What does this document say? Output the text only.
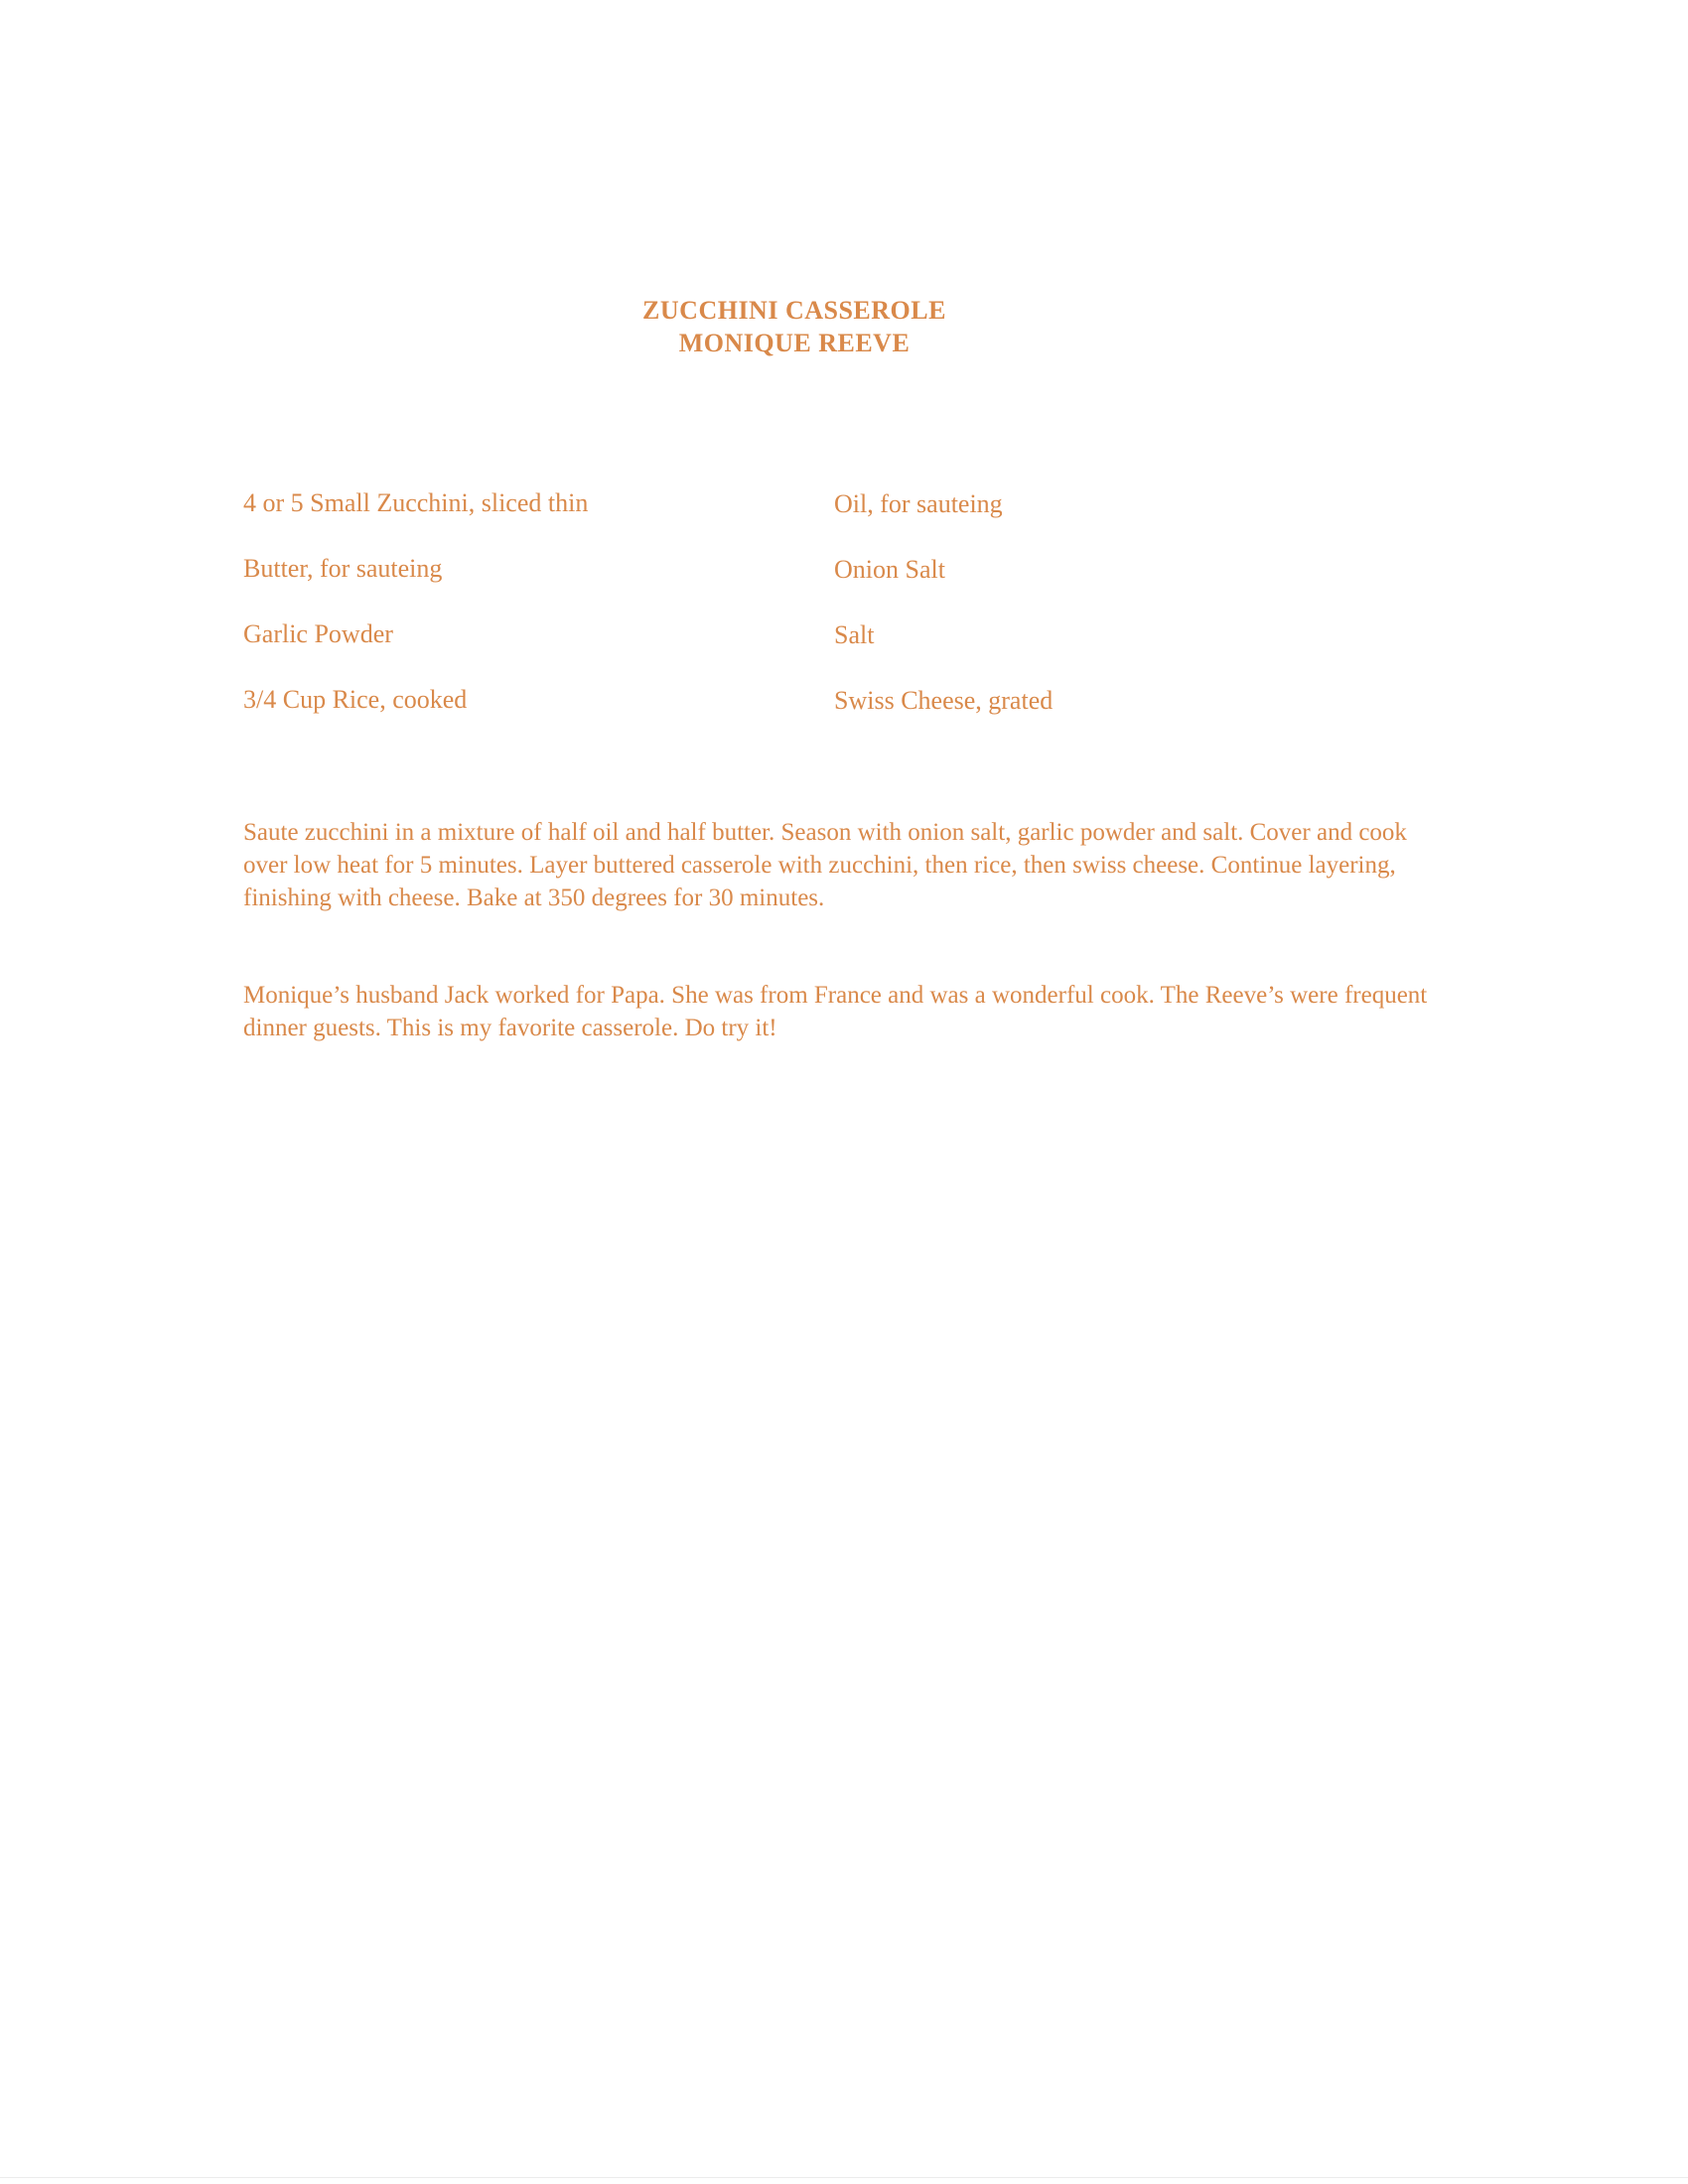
ZUCCHINI CASSEROLE
MONIQUE REEVE
4 or 5 Small Zucchini, sliced thin	Oil, for sauteing
Butter, for sauteing	Onion Salt
Garlic Powder	Salt
3/4 Cup Rice, cooked	Swiss Cheese, grated
Saute zucchini in a mixture of half oil and half butter. Season with onion salt, garlic powder and salt. Cover and cook over low heat for 5 minutes. Layer buttered casserole with zucchini, then rice, then swiss cheese. Continue layering, finishing with cheese. Bake at 350 degrees for 30 minutes.
Monique’s husband Jack worked for Papa. She was from France and was a wonderful cook. The Reeve’s were frequent dinner guests. This is my favorite casserole. Do try it!
